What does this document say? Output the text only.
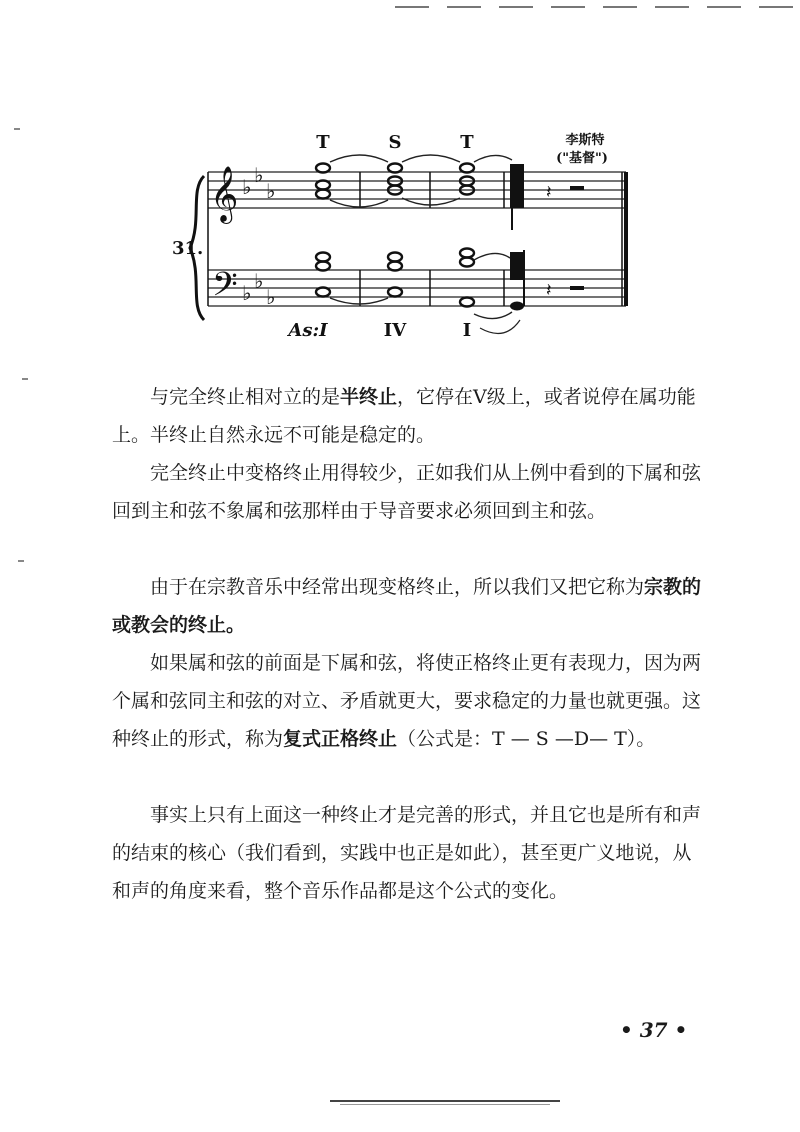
T	S	T	李斯特
("基督")
31.
𝄞
𝄢
♭ ♭
♭
♭ ♭
♭
𝄽
𝄽
As:I	IV	I

与完全终止相对立的是半终止，它停在Ⅴ级上，或者说停在属功能上。半终止自然永远不可能是稳定的。

完全终止中变格终止用得较少，正如我们从上例中看到的下属和弦回到主和弦不象属和弦那样由于导音要求必须回到主和弦。

由于在宗教音乐中经常出现变格终止，所以我们又把它称为宗教的或教会的终止。

如果属和弦的前面是下属和弦，将使正格终止更有表现力，因为两个属和弦同主和弦的对立、矛盾就更大，要求稳定的力量也就更强。这种终止的形式，称为复式正格终止（公式是：T — S —D— T）。

事实上只有上面这一种终止才是完善的形式，并且它也是所有和声的结束的核心（我们看到，实践中也正是如此），甚至更广义地说，从和声的角度来看，整个音乐作品都是这个公式的变化。

• 37 •
